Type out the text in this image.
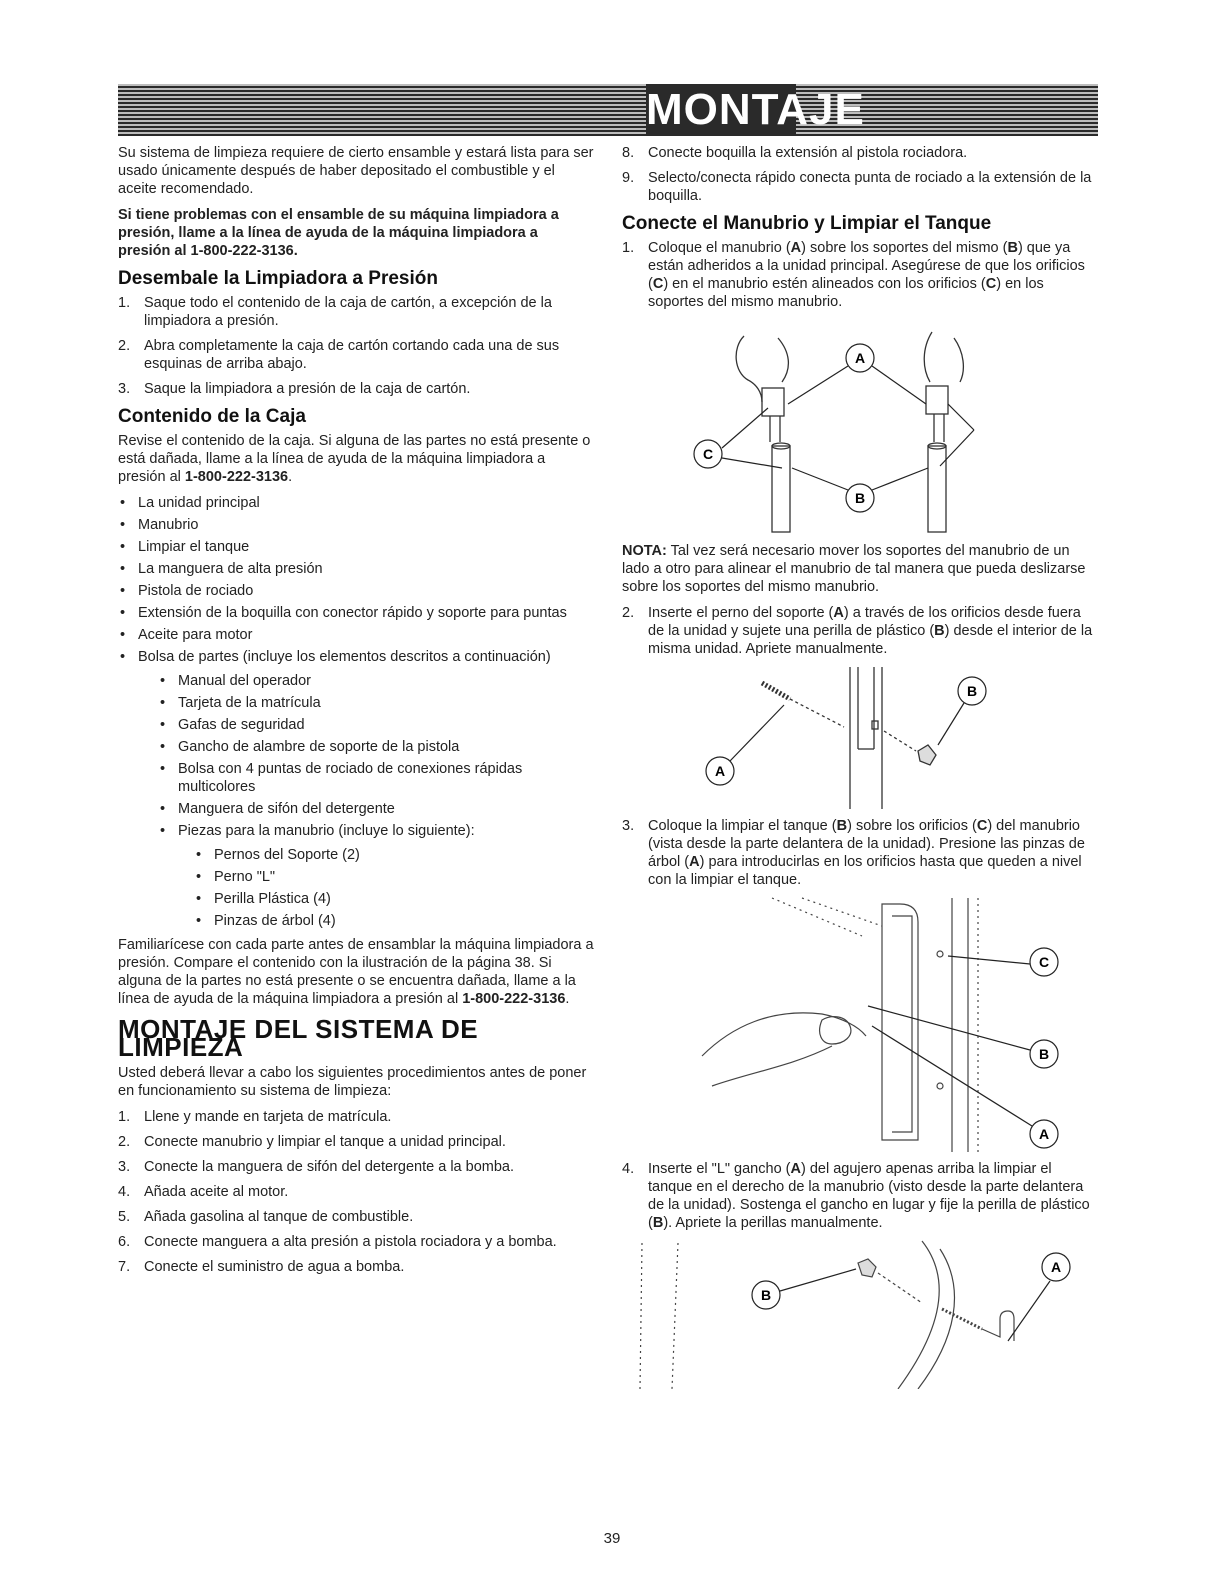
MONTAJE

Su sistema de limpieza requiere de cierto ensamble y estará lista para ser usado únicamente después de haber depositado el combustible y el aceite recomendado.

Si tiene problemas con el ensamble de su máquina limpiadora a presión, llame a la línea de ayuda de la máquina limpiadora a presión al 1-800-222-3136.

Desembale la Limpiadora a Presión
1. Saque todo el contenido de la caja de cartón, a excepción de la limpiadora a presión.
2. Abra completamente la caja de cartón cortando cada una de sus esquinas de arriba abajo.
3. Saque la limpiadora a presión de la caja de cartón.
Contenido de la Caja

Revise el contenido de la caja. Si alguna de las partes no está presente o está dañada, llame a la línea de ayuda de la máquina limpiadora a presión al 1-800-222-3136.

• La unidad principal
• Manubrio
• Limpiar el tanque
• La manguera de alta presión
• Pistola de rociado
• Extensión de la boquilla con conector rápido y soporte para puntas
• Aceite para motor
• Bolsa de partes (incluye los elementos descritos a continuación)
• Manual del operador
• Tarjeta de la matrícula
• Gafas de seguridad
• Gancho de alambre de soporte de la pistola
• Bolsa con 4 puntas de rociado de conexiones rápidas multicolores
• Manguera de sifón del detergente
• Piezas para la manubrio (incluye lo siguiente):
• Pernos del Soporte (2)
• Perno "L"
• Perilla Plástica (4)
• Pinzas de árbol (4)

Familiarícese con cada parte antes de ensamblar la máquina limpiadora a presión. Compare el contenido con la ilustración de la página 38. Si alguna de la partes no está presente o se encuentra dañada, llame a la línea de ayuda de la máquina limpiadora a presión al 1-800-222-3136.

MONTAJE DEL SISTEMA DE LIMPIEZA

Usted deberá llevar a cabo los siguientes procedimientos antes de poner en funcionamiento su sistema de limpieza:

1. Llene y mande en tarjeta de matrícula.
2. Conecte manubrio y limpiar el tanque a unidad principal.
3. Conecte la manguera de sifón del detergente a la bomba.
4. Añada aceite al motor.
5. Añada gasolina al tanque de combustible.
6. Conecte manguera a alta presión a pistola rociadora y a bomba.
7. Conecte el suministro de agua a bomba.
8. Conecte boquilla la extensión al pistola rociadora.
9. Selecto/conecta rápido conecta punta de rociado a la extensión de la boquilla.
Conecte el Manubrio y Limpiar el Tanque
1. Coloque el manubrio (A) sobre los soportes del mismo (B) que ya están adheridos a la unidad principal. Asegúrese de que los orificios (C) en el manubrio estén alineados con los orificios (C) en los soportes del mismo manubrio.
A
C
B

NOTA: Tal vez será necesario mover los soportes del manubrio de un lado a otro para alinear el manubrio de tal manera que pueda deslizarse sobre los soportes del mismo manubrio.

2. Inserte el perno del soporte (A) a través de los orificios desde fuera de la unidad y sujete una perilla de plástico (B) desde el interior de la misma unidad. Apriete manualmente.
B
A
3. Coloque la limpiar el tanque (B) sobre los orificios (C) del manubrio (vista desde la parte delantera de la unidad). Presione las pinzas de árbol (A) para introducirlas en los orificios hasta que queden a nivel con la limpiar el tanque.
C
B
A
4. Inserte el "L" gancho (A) del agujero apenas arriba la limpiar el tanque en el derecho de la manubrio (visto desde la parte delantera de la unidad). Sostenga el gancho en lugar y fije la perilla de plástico (B). Apriete la perillas manualmente.
A
B
39
